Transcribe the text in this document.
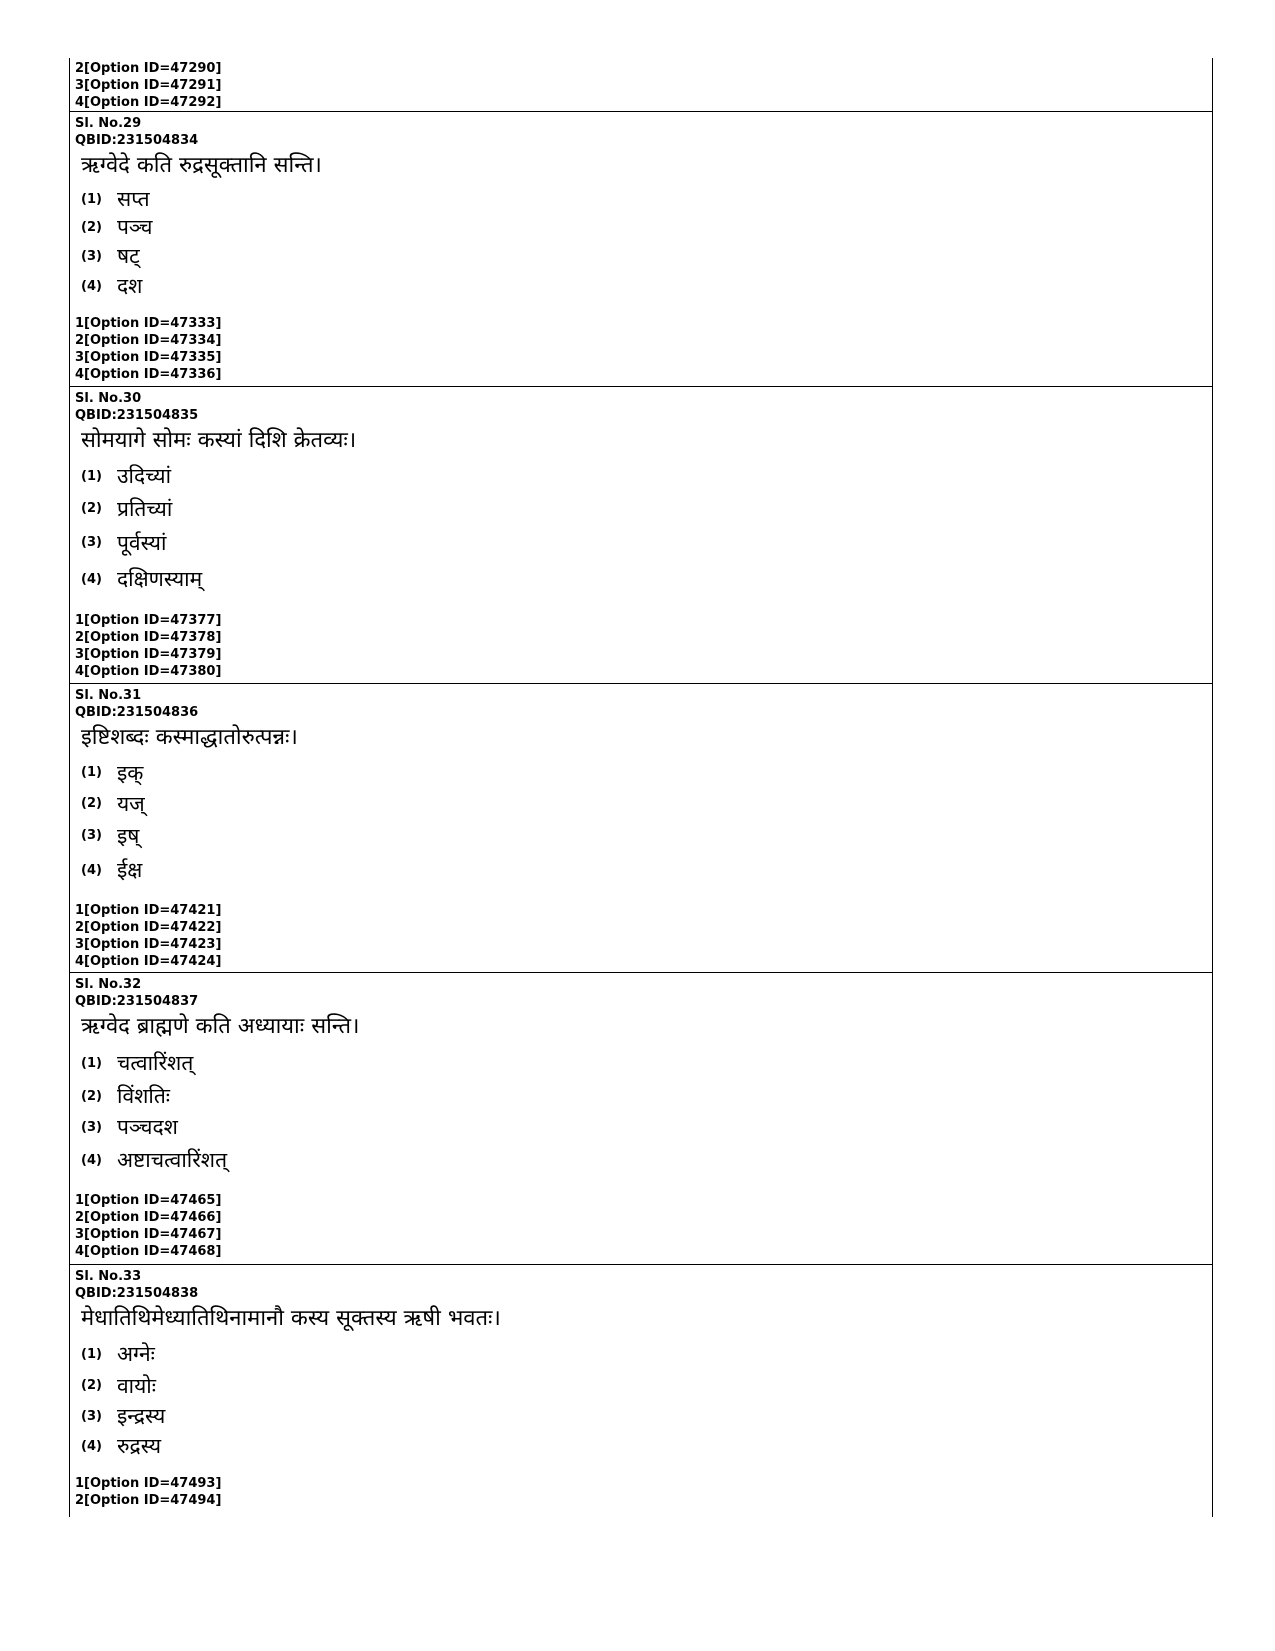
2[Option ID=47290]
3[Option ID=47291]
4[Option ID=47292]
Sl. No.29
QBID:231504834
ऋग्वेदे कति रुद्रसूक्तानि सन्ति।
(1) सप्त
(2) पञ्च
(3) षट्
(4) दश
1[Option ID=47333]
2[Option ID=47334]
3[Option ID=47335]
4[Option ID=47336]
Sl. No.30
QBID:231504835
सोमयागे सोमः कस्यां दिशि क्रेतव्यः।
(1) उदिच्यां
(2) प्रतिच्यां
(3) पूर्वस्यां
(4) दक्षिणस्याम्
1[Option ID=47377]
2[Option ID=47378]
3[Option ID=47379]
4[Option ID=47380]
Sl. No.31
QBID:231504836
इष्टिशब्दः कस्माद्धातोरुत्पन्नः।
(1) इक्
(2) यज्
(3) इष्
(4) ईक्ष
1[Option ID=47421]
2[Option ID=47422]
3[Option ID=47423]
4[Option ID=47424]
Sl. No.32
QBID:231504837
ऋग्वेद ब्राह्मणे कति अध्यायाः सन्ति।
(1) चत्वारिंशत्
(2) विंशतिः
(3) पञ्चदश
(4) अष्टाचत्वारिंशत्
1[Option ID=47465]
2[Option ID=47466]
3[Option ID=47467]
4[Option ID=47468]
Sl. No.33
QBID:231504838
मेधातिथिमेध्यातिथिनामानौ कस्य सूक्तस्य ऋषी भवतः।
(1) अग्नेः
(2) वायोः
(3) इन्द्रस्य
(4) रुद्रस्य
1[Option ID=47493]
2[Option ID=47494]
